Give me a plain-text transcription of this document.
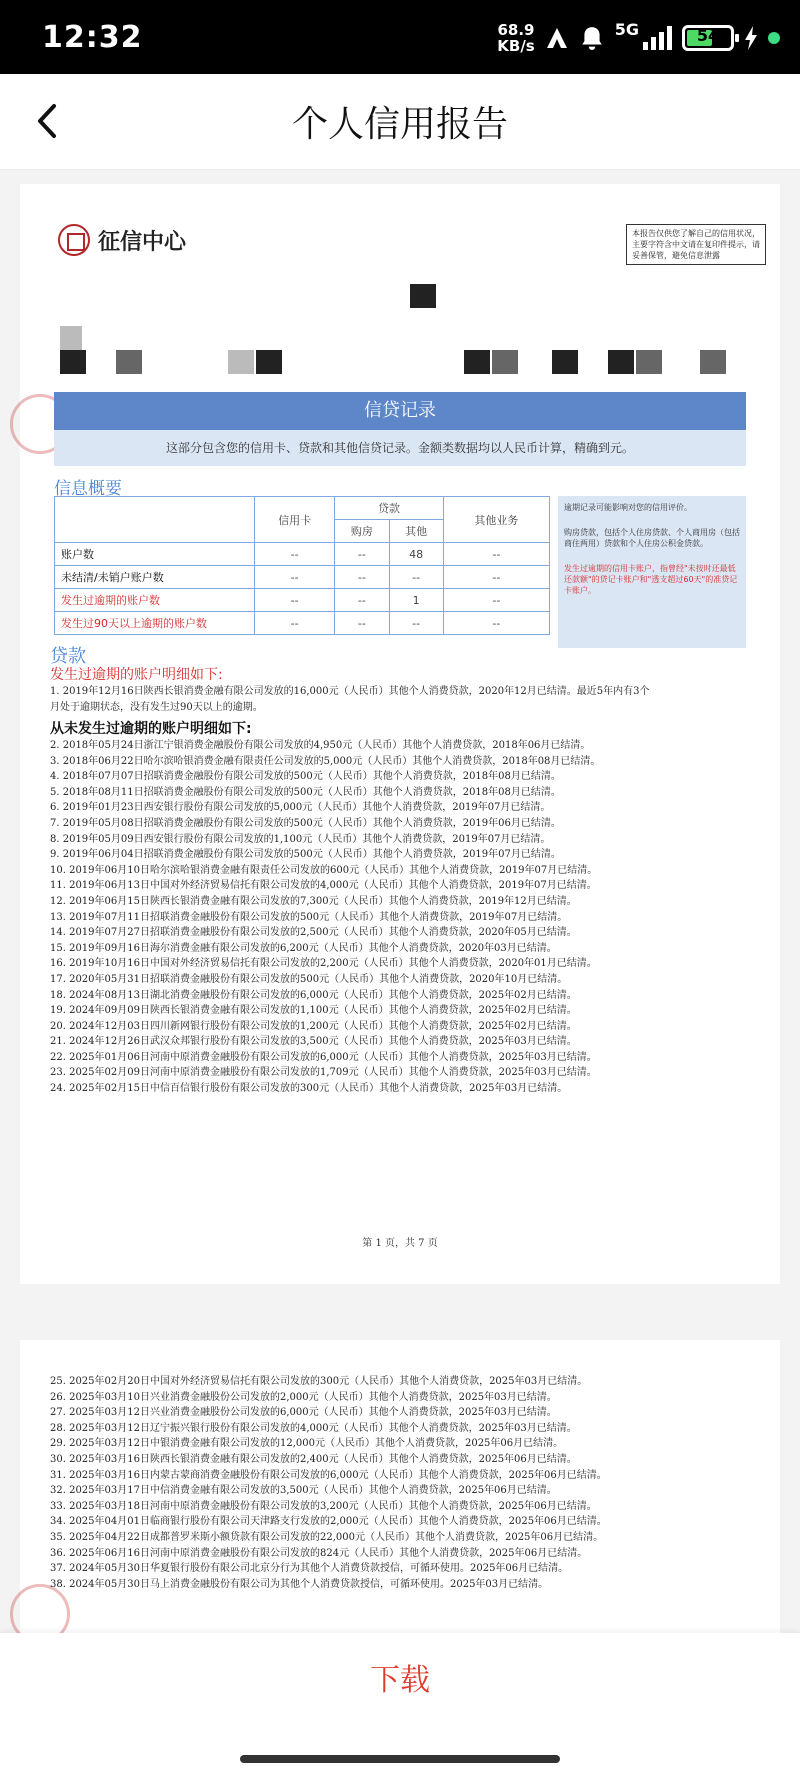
12:32	68.9
KB/s
5G	54
个人信用报告
征信中心	本报告仅供您了解自己的信用状况，主要字符含中文请在复印件提示，请妥善保管，避免信息泄露
信贷记录
这部分包含您的信用卡、贷款和其他信贷记录。金额类数据均以人民币计算，精确到元。
信息概要
	信用卡	贷款		其他业务
		购房	其他	
账户数	--	--	48	--
未结清/未销户账户数	--	--	--	--
发生过逾期的账户数	--	--	1	--
发生过90天以上逾期的账户数	--	--	--	--

逾期记录可能影响对您的信用评价。

购房贷款，包括个人住房贷款、个人商用房（包括商住两用）贷款和个人住房公积金贷款。

发生过逾期的信用卡账户，指曾经"未按时还最低还款额"的贷记卡账户和"透支超过60天"的准贷记卡账户。

贷款
发生过逾期的账户明细如下:
1. 2019年12月16日陕西长银消费金融有限公司发放的16,000元（人民币）其他个人消费贷款，2020年12月已结清。最近5年内有3个
月处于逾期状态，没有发生过90天以上的逾期。
从未发生过逾期的账户明细如下:
2. 2018年05月24日浙江宁银消费金融股份有限公司发放的4,950元（人民币）其他个人消费贷款，2018年06月已结清。
3. 2018年06月22日哈尔滨哈银消费金融有限责任公司发放的5,000元（人民币）其他个人消费贷款，2018年08月已结清。
4. 2018年07月07日招联消费金融股份有限公司发放的500元（人民币）其他个人消费贷款，2018年08月已结清。
5. 2018年08月11日招联消费金融股份有限公司发放的500元（人民币）其他个人消费贷款，2018年08月已结清。
6. 2019年01月23日西安银行股份有限公司发放的5,000元（人民币）其他个人消费贷款，2019年07月已结清。
7. 2019年05月08日招联消费金融股份有限公司发放的500元（人民币）其他个人消费贷款，2019年06月已结清。
8. 2019年05月09日西安银行股份有限公司发放的1,100元（人民币）其他个人消费贷款，2019年07月已结清。
9. 2019年06月04日招联消费金融股份有限公司发放的500元（人民币）其他个人消费贷款，2019年07月已结清。
10. 2019年06月10日哈尔滨哈银消费金融有限责任公司发放的600元（人民币）其他个人消费贷款，2019年07月已结清。
11. 2019年06月13日中国对外经济贸易信托有限公司发放的4,000元（人民币）其他个人消费贷款，2019年07月已结清。
12. 2019年06月15日陕西长银消费金融有限公司发放的7,300元（人民币）其他个人消费贷款，2019年12月已结清。
13. 2019年07月11日招联消费金融股份有限公司发放的500元（人民币）其他个人消费贷款，2019年07月已结清。
14. 2019年07月27日招联消费金融股份有限公司发放的2,500元（人民币）其他个人消费贷款，2020年05月已结清。
15. 2019年09月16日海尔消费金融有限公司发放的6,200元（人民币）其他个人消费贷款，2020年03月已结清。
16. 2019年10月16日中国对外经济贸易信托有限公司发放的2,200元（人民币）其他个人消费贷款，2020年01月已结清。
17. 2020年05月31日招联消费金融股份有限公司发放的500元（人民币）其他个人消费贷款，2020年10月已结清。
18. 2024年08月13日湖北消费金融股份有限公司发放的6,000元（人民币）其他个人消费贷款，2025年02月已结清。
19. 2024年09月09日陕西长银消费金融有限公司发放的1,100元（人民币）其他个人消费贷款，2025年02月已结清。
20. 2024年12月03日四川新网银行股份有限公司发放的1,200元（人民币）其他个人消费贷款，2025年02月已结清。
21. 2024年12月26日武汉众邦银行股份有限公司发放的3,500元（人民币）其他个人消费贷款，2025年03月已结清。
22. 2025年01月06日河南中原消费金融股份有限公司发放的6,000元（人民币）其他个人消费贷款，2025年03月已结清。
23. 2025年02月09日河南中原消费金融股份有限公司发放的1,709元（人民币）其他个人消费贷款，2025年03月已结清。
24. 2025年02月15日中信百信银行股份有限公司发放的300元（人民币）其他个人消费贷款，2025年03月已结清。
第 1 页，共 7 页
25. 2025年02月20日中国对外经济贸易信托有限公司发放的300元（人民币）其他个人消费贷款，2025年03月已结清。
26. 2025年03月10日兴业消费金融股份公司发放的2,000元（人民币）其他个人消费贷款，2025年03月已结清。
27. 2025年03月12日兴业消费金融股份公司发放的6,000元（人民币）其他个人消费贷款，2025年03月已结清。
28. 2025年03月12日辽宁振兴银行股份有限公司发放的4,000元（人民币）其他个人消费贷款，2025年03月已结清。
29. 2025年03月12日中银消费金融有限公司发放的12,000元（人民币）其他个人消费贷款，2025年06月已结清。
30. 2025年03月16日陕西长银消费金融有限公司发放的2,400元（人民币）其他个人消费贷款，2025年06月已结清。
31. 2025年03月16日内蒙古蒙商消费金融股份有限公司发放的6,000元（人民币）其他个人消费贷款，2025年06月已结清。
32. 2025年03月17日中信消费金融有限公司发放的3,500元（人民币）其他个人消费贷款，2025年06月已结清。
33. 2025年03月18日河南中原消费金融股份有限公司发放的3,200元（人民币）其他个人消费贷款，2025年06月已结清。
34. 2025年04月01日临商银行股份有限公司天津路支行发放的2,000元（人民币）其他个人消费贷款，2025年06月已结清。
35. 2025年04月22日成都普罗米斯小额贷款有限公司发放的22,000元（人民币）其他个人消费贷款，2025年06月已结清。
36. 2025年06月16日河南中原消费金融股份有限公司发放的824元（人民币）其他个人消费贷款，2025年06月已结清。
37. 2024年05月30日华夏银行股份有限公司北京分行为其他个人消费贷款授信，可循环使用。2025年06月已结清。
38. 2024年05月30日马上消费金融股份有限公司为其他个人消费贷款授信，可循环使用。2025年03月已结清。
下载
